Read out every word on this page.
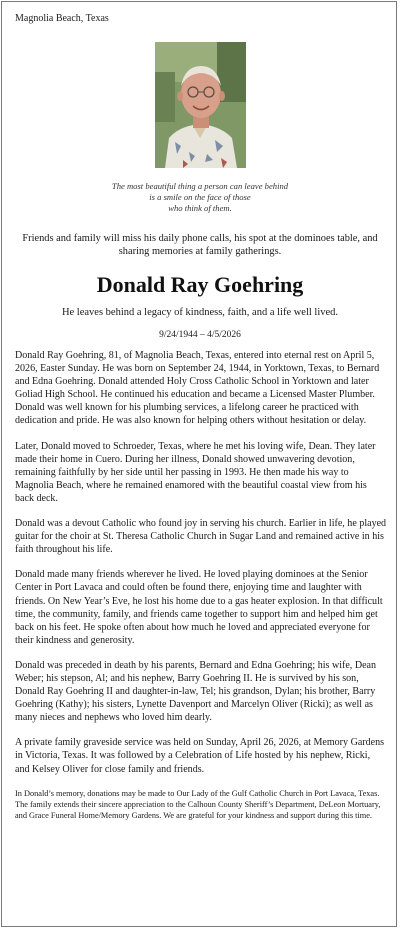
Magnolia Beach, Texas
The most beautiful thing a person can leave behind
is a smile on the face of those
who think of them.
Friends and family will miss his daily phone calls, his spot at the dominoes table, and sharing memories at family gatherings.
Donald Ray Goehring
He leaves behind a legacy of kindness, faith, and a life well lived.
9/24/1944 – 4/5/2026

Donald Ray Goehring, 81, of Magnolia Beach, Texas, entered into eternal rest on April 5, 2026, Easter Sunday. He was born on September 24, 1944, in Yorktown, Texas, to Bernard and Edna Goehring. Donald attended Holy Cross Catholic School in Yorktown and later Goliad High School. He continued his education and became a Licensed Master Plumber. Donald was well known for his plumbing services, a lifelong career he practiced with dedication and pride. He was also known for helping others without hesitation or delay.

Later, Donald moved to Schroeder, Texas, where he met his loving wife, Dean. They later made their home in Cuero. During her illness, Donald showed unwavering devotion, remaining faithfully by her side until her passing in 1993. He then made his way to Magnolia Beach, where he remained enamored with the beautiful coastal view from his back deck.

Donald was a devout Catholic who found joy in serving his church. Earlier in life, he played guitar for the choir at St. Theresa Catholic Church in Sugar Land and remained active in his faith throughout his life.

Donald made many friends wherever he lived. He loved playing dominoes at the Senior Center in Port Lavaca and could often be found there, enjoying time and laughter with friends. On New Year’s Eve, he lost his home due to a gas heater explosion. In that difficult time, the community, family, and friends came together to support him and helped him get back on his feet. He spoke often about how much he loved and appreciated everyone for their kindness and generosity.

Donald was preceded in death by his parents, Bernard and Edna Goehring; his wife, Dean Weber; his stepson, Al; and his nephew, Barry Goehring II. He is survived by his son, Donald Ray Goehring II and daughter-in-law, Tel; his grandson, Dylan; his brother, Barry Goehring (Kathy); his sisters, Lynette Davenport and Marcelyn Oliver (Ricki); as well as many nieces and nephews who loved him dearly.

A private family graveside service was held on Sunday, April 26, 2026, at Memory Gardens in Victoria, Texas. It was followed by a Celebration of Life hosted by his nephew, Ricki, and Kelsey Oliver for close family and friends.

In Donald’s memory, donations may be made to Our Lady of the Gulf Catholic Church in Port Lavaca, Texas. The family extends their sincere appreciation to the Calhoun County Sheriff’s Department, DeLeon Mortuary, and Grace Funeral Home/Memory Gardens. We are grateful for your kindness and support during this time.
